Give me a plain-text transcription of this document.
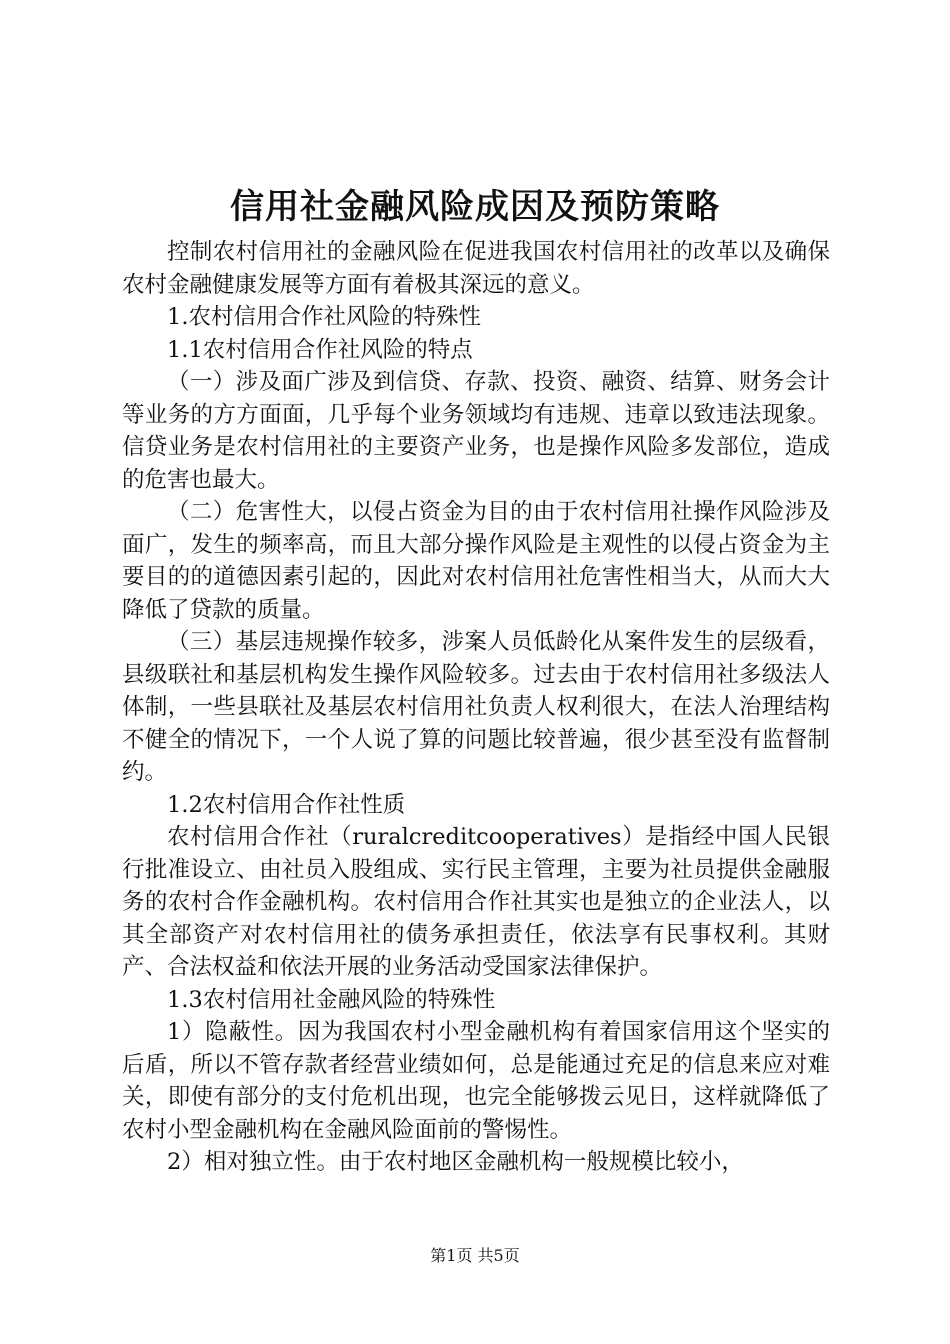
信用社金融风险成因及预防策略

控制农村信用社的金融风险在促进我国农村信用社的改革以及确保农村金融健康发展等方面有着极其深远的意义。

1.农村信用合作社风险的特殊性

1.1农村信用合作社风险的特点

（一）涉及面广涉及到信贷、存款、投资、融资、结算、财务会计等业务的方方面面，几乎每个业务领域均有违规、违章以致违法现象。信贷业务是农村信用社的主要资产业务，也是操作风险多发部位，造成的危害也最大。

（二）危害性大，以侵占资金为目的由于农村信用社操作风险涉及面广，发生的频率高，而且大部分操作风险是主观性的以侵占资金为主要目的的道德因素引起的，因此对农村信用社危害性相当大，从而大大降低了贷款的质量。

（三）基层违规操作较多，涉案人员低龄化从案件发生的层级看，县级联社和基层机构发生操作风险较多。过去由于农村信用社多级法人体制，一些县联社及基层农村信用社负责人权利很大，在法人治理结构不健全的情况下，一个人说了算的问题比较普遍，很少甚至没有监督制约。

1.2农村信用合作社性质

农村信用合作社（ruralcreditcooperatives）是指经中国人民银行批准设立、由社员入股组成、实行民主管理，主要为社员提供金融服务的农村合作金融机构。农村信用合作社其实也是独立的企业法人，以其全部资产对农村信用社的债务承担责任，依法享有民事权利。其财产、合法权益和依法开展的业务活动受国家法律保护。

1.3农村信用社金融风险的特殊性

1）隐蔽性。因为我国农村小型金融机构有着国家信用这个坚实的后盾，所以不管存款者经营业绩如何，总是能通过充足的信息来应对难关，即使有部分的支付危机出现，也完全能够拨云见日，这样就降低了农村小型金融机构在金融风险面前的警惕性。

2）相对独立性。由于农村地区金融机构一般规模比较小，

第1页 共5页
